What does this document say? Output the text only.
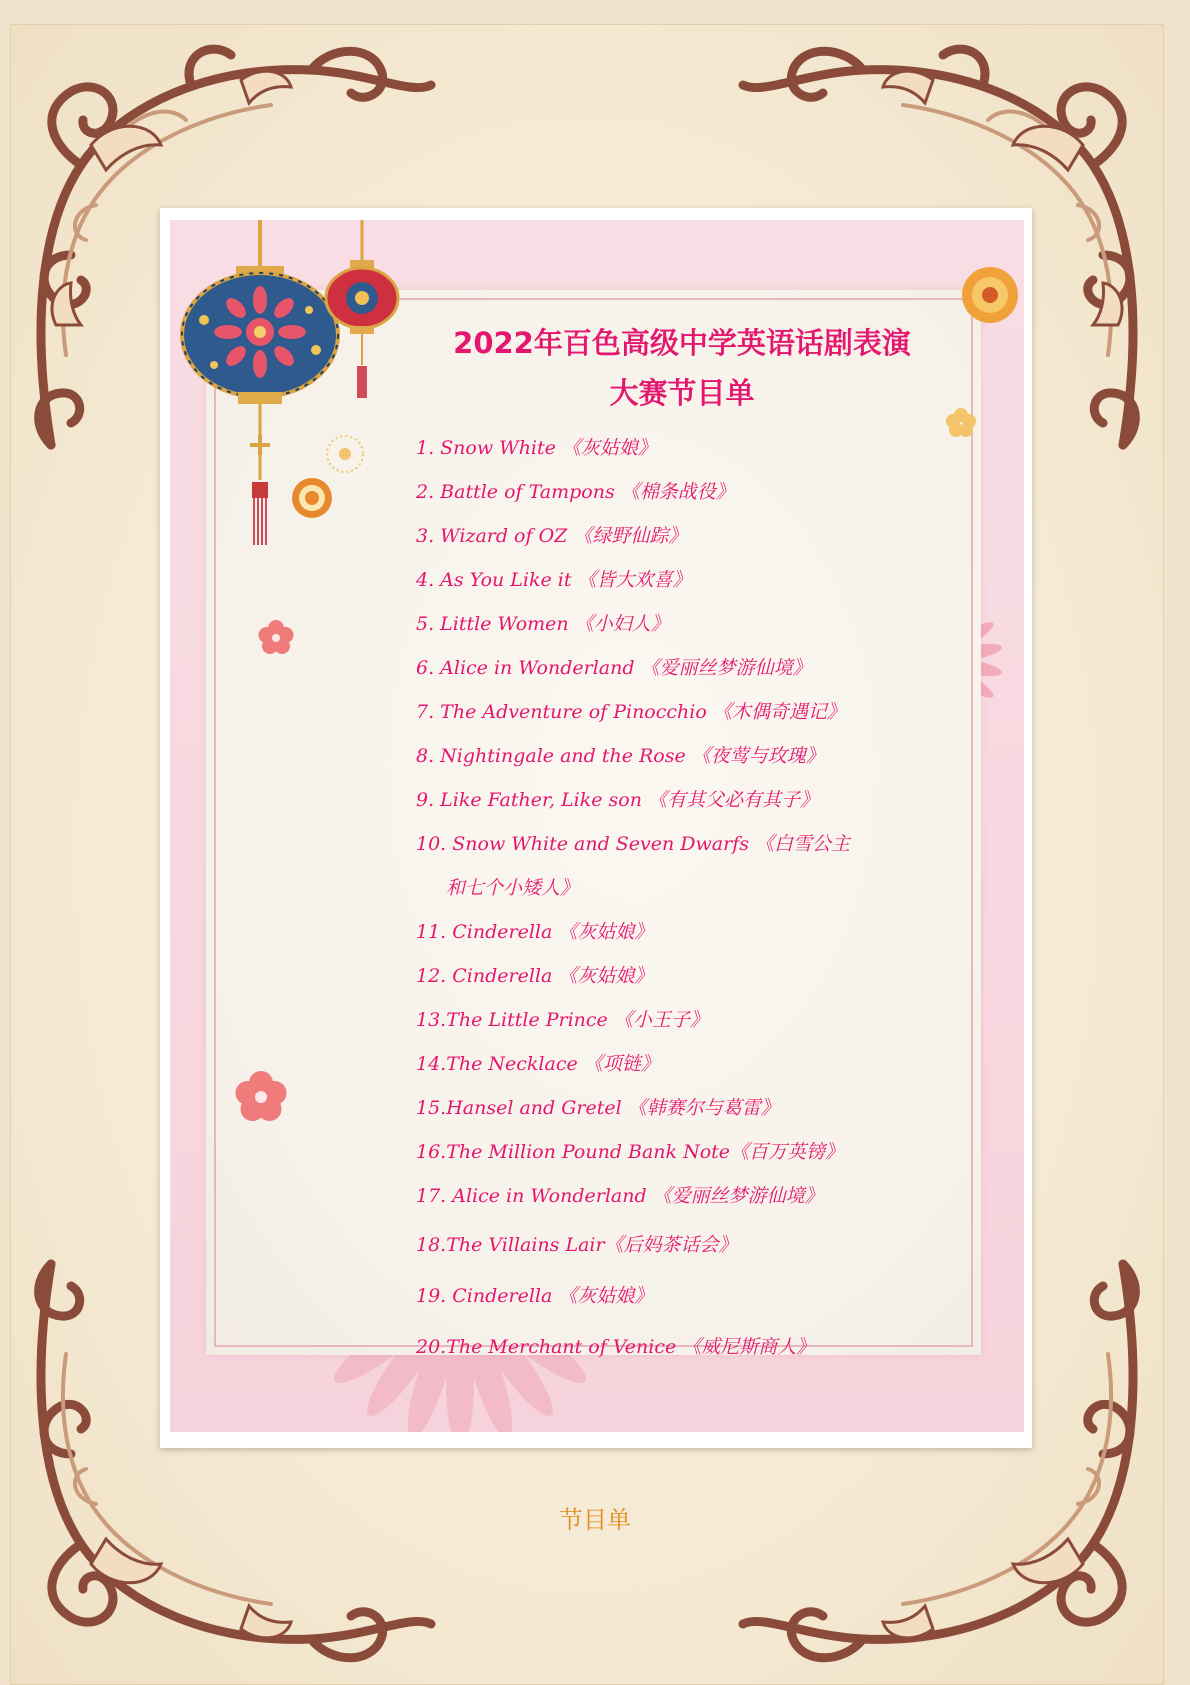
2022年百色高级中学英语话剧表演
大赛节目单
1. Snow White 《灰姑娘》
2. Battle of Tampons 《棉条战役》
3. Wizard of OZ 《绿野仙踪》
4. As You Like it 《皆大欢喜》
5. Little Women 《小妇人》
6. Alice in Wonderland 《爱丽丝梦游仙境》
7. The Adventure of Pinocchio 《木偶奇遇记》
8. Nightingale and the Rose 《夜莺与玫瑰》
9. Like Father, Like son 《有其父必有其子》
10. Snow White and Seven Dwarfs 《白雪公主
和七个小矮人》
11. Cinderella 《灰姑娘》
12. Cinderella 《灰姑娘》
13.The Little Prince 《小王子》
14.The Necklace 《项链》
15.Hansel and Gretel 《韩赛尔与葛雷》
16.The Million Pound Bank Note《百万英镑》
17. Alice in Wonderland 《爱丽丝梦游仙境》
18.The Villains Lair《后妈茶话会》
19. Cinderella 《灰姑娘》
20.The Merchant of Venice 《威尼斯商人》
节目单
